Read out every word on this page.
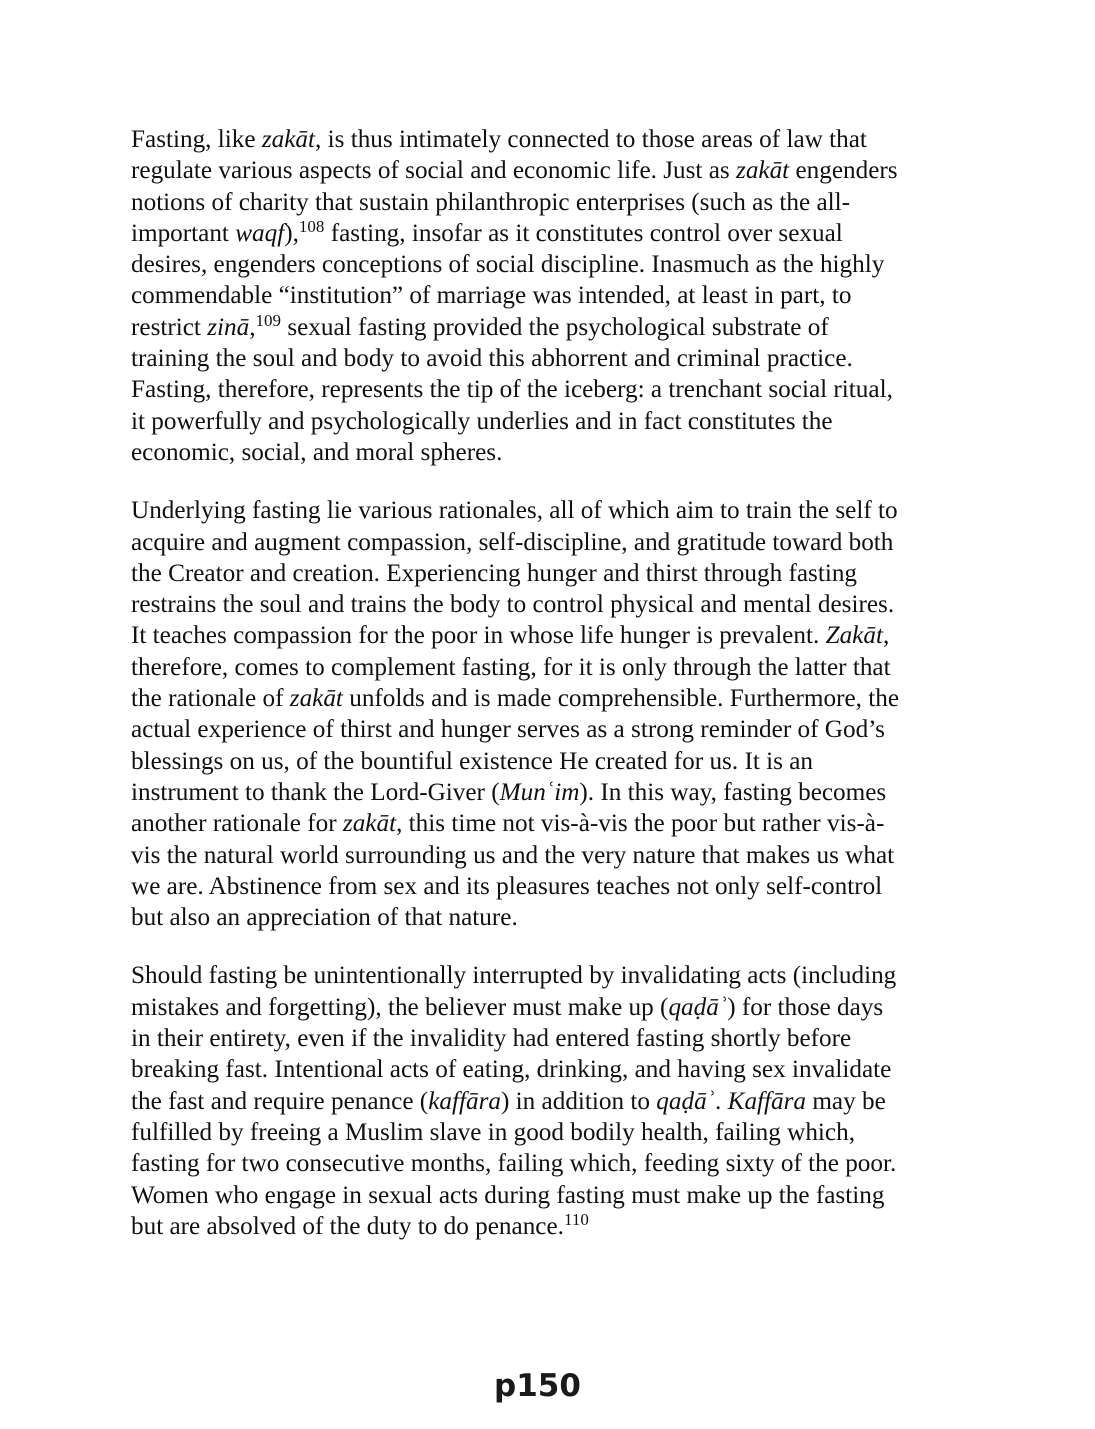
Fasting, like zakāt, is thus intimately connected to those areas of law that
regulate various aspects of social and economic life. Just as zakāt engenders
notions of charity that sustain philanthropic enterprises (such as the all-
important waqf),$^{108}$ fasting, insofar as it constitutes control over sexual
desires, engenders conceptions of social discipline. Inasmuch as the highly
commendable “institution” of marriage was intended, at least in part, to
restrict zinā,$^{109}$ sexual fasting provided the psychological substrate of
training the soul and body to avoid this abhorrent and criminal practice.
Fasting, therefore, represents the tip of the iceberg: a trenchant social ritual,
it powerfully and psychologically underlies and in fact constitutes the
economic, social, and moral spheres.

Underlying fasting lie various rationales, all of which aim to train the self to
acquire and augment compassion, self-discipline, and gratitude toward both
the Creator and creation. Experiencing hunger and thirst through fasting
restrains the soul and trains the body to control physical and mental desires.
It teaches compassion for the poor in whose life hunger is prevalent. Zakāt,
therefore, comes to complement fasting, for it is only through the latter that
the rationale of zakāt unfolds and is made comprehensible. Furthermore, the
actual experience of thirst and hunger serves as a strong reminder of God’s
blessings on us, of the bountiful existence He created for us. It is an
instrument to thank the Lord-Giver (Munʿim). In this way, fasting becomes
another rationale for zakāt, this time not vis-à-vis the poor but rather vis-à-
vis the natural world surrounding us and the very nature that makes us what
we are. Abstinence from sex and its pleasures teaches not only self-control
but also an appreciation of that nature.

Should fasting be unintentionally interrupted by invalidating acts (including
mistakes and forgetting), the believer must make up (qaḍāʾ) for those days
in their entirety, even if the invalidity had entered fasting shortly before
breaking fast. Intentional acts of eating, drinking, and having sex invalidate
the fast and require penance (kaffāra) in addition to qaḍāʾ. Kaffāra may be
fulfilled by freeing a Muslim slave in good bodily health, failing which,
fasting for two consecutive months, failing which, feeding sixty of the poor.
Women who engage in sexual acts during fasting must make up the fasting
but are absolved of the duty to do penance.$^{110}$

p150
